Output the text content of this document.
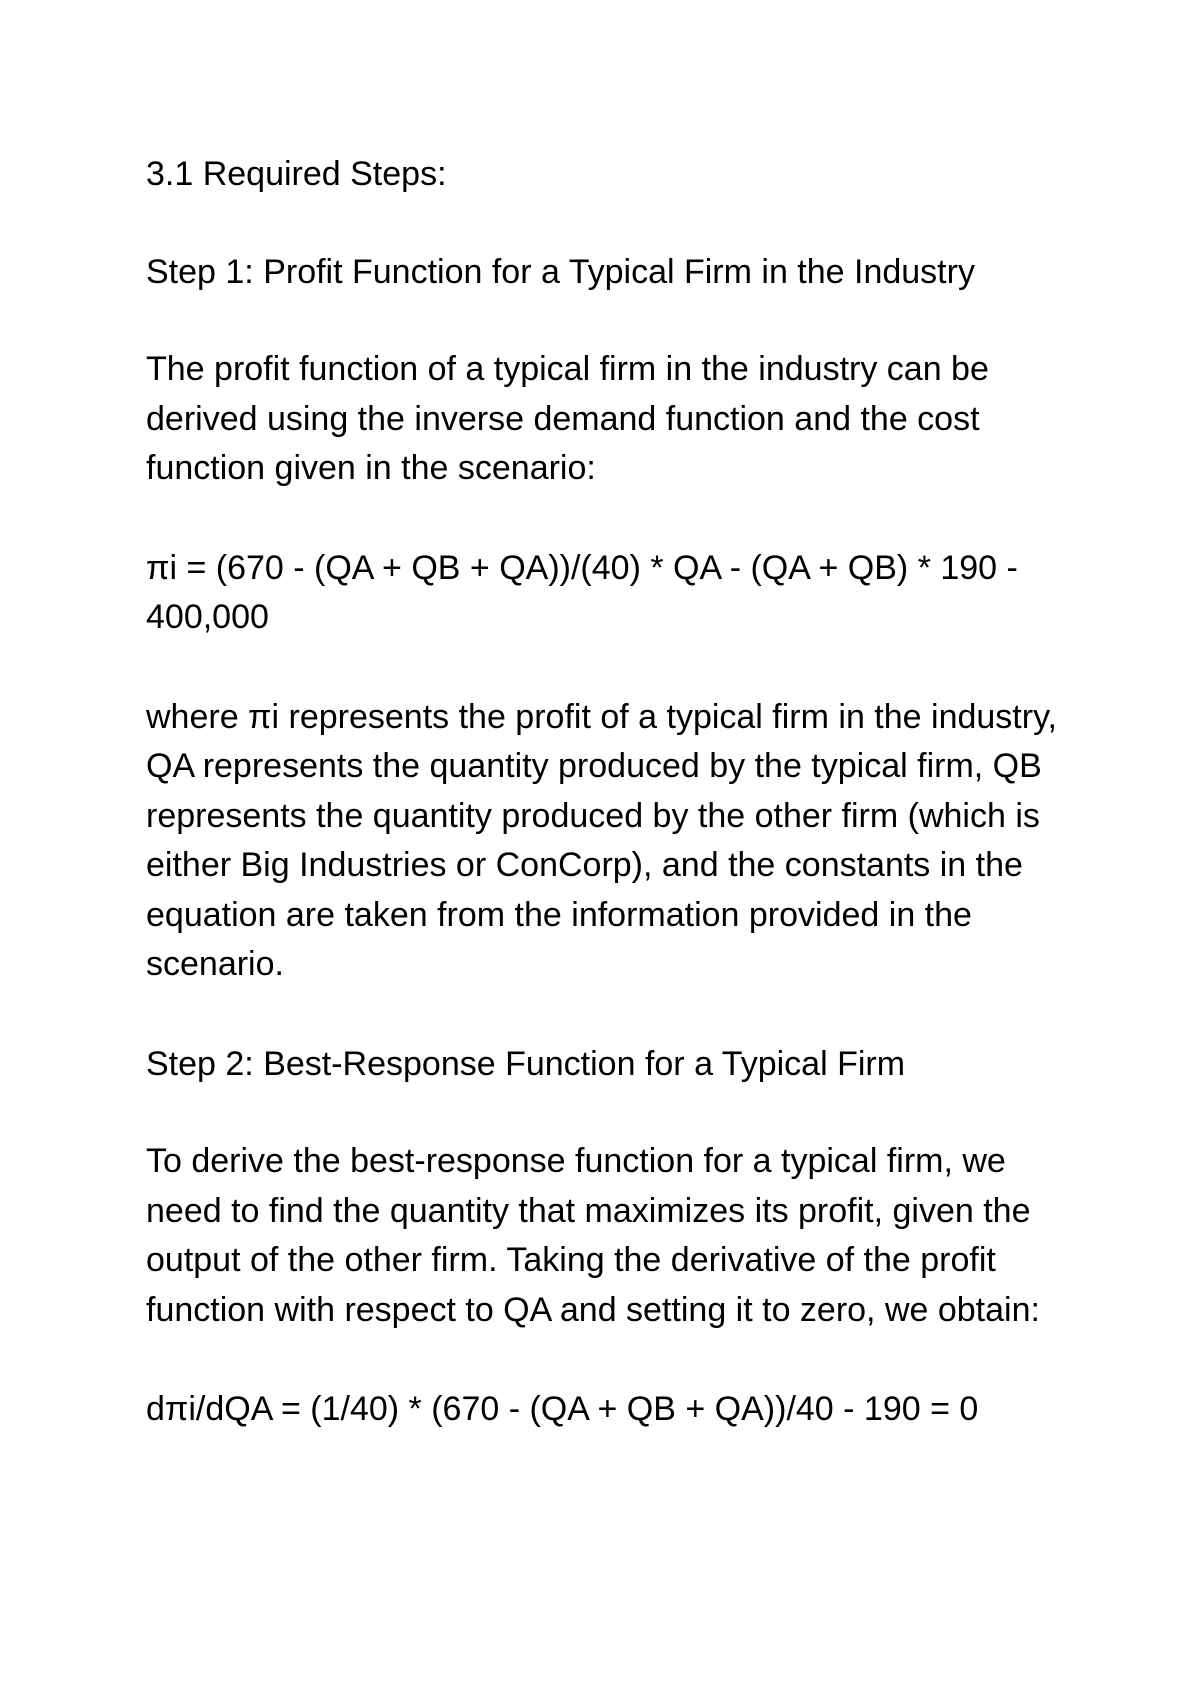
3.1 Required Steps:

Step 1: Profit Function for a Typical Firm in the Industry

The profit function of a typical firm in the industry can be derived using the inverse demand function and the cost function given in the scenario:

πi = (670 - (QA + QB + QA))/(40) * QA - (QA + QB) * 190 - 400,000

where πi represents the profit of a typical firm in the industry, QA represents the quantity produced by the typical firm, QB represents the quantity produced by the other firm (which is either Big Industries or ConCorp), and the constants in the equation are taken from the information provided in the scenario.

Step 2: Best-Response Function for a Typical Firm

To derive the best-response function for a typical firm, we need to find the quantity that maximizes its profit, given the output of the other firm. Taking the derivative of the profit function with respect to QA and setting it to zero, we obtain:

dπi/dQA = (1/40) * (670 - (QA + QB + QA))/40 - 190 = 0
